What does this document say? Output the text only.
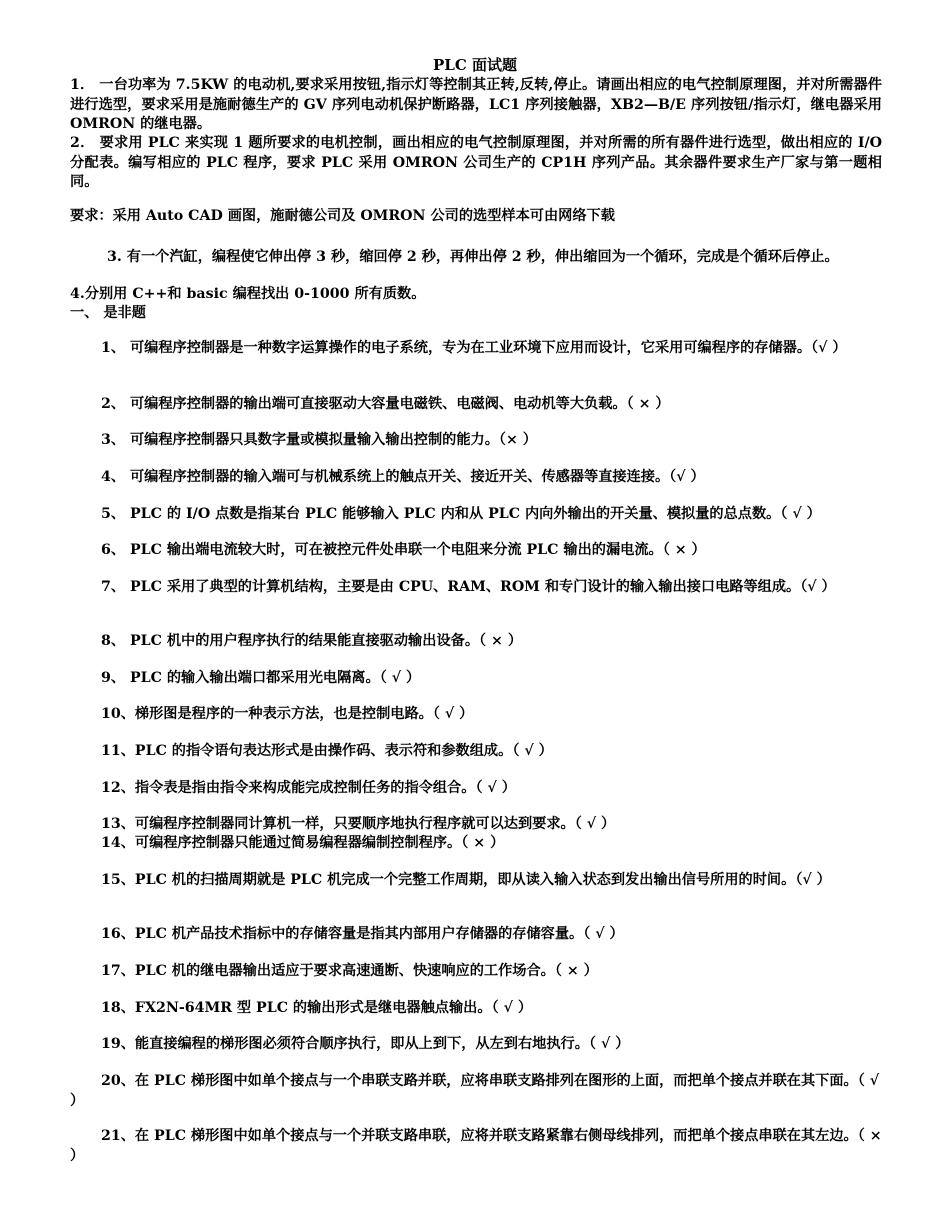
PLC 面试题
1． 一台功率为 7.5KW 的电动机,要求采用按钮,指示灯等控制其正转,反转,停止。请画出相应的电气控制原理图，并对所需器件进行选型，要求采用是施耐德生产的 GV 序列电动机保护断路器，LC1 序列接触器，XB2—B/E 序列按钮/指示灯，继电器采用 OMRON 的继电器。
2． 要求用 PLC 来实现 1 题所要求的电机控制，画出相应的电气控制原理图，并对所需的所有器件进行选型，做出相应的 I/O 分配表。编写相应的 PLC 程序，要求 PLC 采用 OMRON 公司生产的 CP1H 序列产品。其余器件要求生产厂家与第一题相同。
要求：采用 Auto CAD 画图，施耐德公司及 OMRON 公司的选型样本可由网络下载
3. 有一个汽缸，编程使它伸出停 3 秒，缩回停 2 秒，再伸出停 2 秒，伸出缩回为一个循环，完成是个循环后停止。
4.分别用 C++和 basic 编程找出 0-1000 所有质数。
一、 是非题
1、 可编程序控制器是一种数字运算操作的电子系统，专为在工业环境下应用而设计，它采用可编程序的存储器。（√ ）
2、 可编程序控制器的输出端可直接驱动大容量电磁铁、电磁阀、电动机等大负载。（ × ）
3、 可编程序控制器只具数字量或模拟量输入输出控制的能力。（× ）
4、 可编程序控制器的输入端可与机械系统上的触点开关、接近开关、传感器等直接连接。（√ ）
5、 PLC 的 I/O 点数是指某台 PLC 能够输入 PLC 内和从 PLC 内向外输出的开关量、模拟量的总点数。（ √ ）
6、 PLC 输出端电流较大时，可在被控元件处串联一个电阻来分流 PLC 输出的漏电流。（ × ）
7、 PLC 采用了典型的计算机结构，主要是由 CPU、RAM、ROM 和专门设计的输入输出接口电路等组成。（√ ）
8、 PLC 机中的用户程序执行的结果能直接驱动输出设备。（ × ）
9、 PLC 的输入输出端口都采用光电隔离。（ √ ）
10、梯形图是程序的一种表示方法，也是控制电路。（ √ ）
11、PLC 的指令语句表达形式是由操作码、表示符和参数组成。（ √ ）
12、指令表是指由指令来构成能完成控制任务的指令组合。（ √ ）
13、可编程序控制器同计算机一样，只要顺序地执行程序就可以达到要求。（ √ ）
14、可编程序控制器只能通过简易编程器编制控制程序。（ × ）
15、PLC 机的扫描周期就是 PLC 机完成一个完整工作周期，即从读入输入状态到发出输出信号所用的时间。（√ ）
16、PLC 机产品技术指标中的存储容量是指其内部用户存储器的存储容量。（ √ ）
17、PLC 机的继电器输出适应于要求高速通断、快速响应的工作场合。（ × ）
18、FX2N-64MR 型 PLC 的输出形式是继电器触点输出。（ √ ）
19、能直接编程的梯形图必须符合顺序执行，即从上到下，从左到右地执行。（ √ ）
20、在 PLC 梯形图中如单个接点与一个串联支路并联，应将串联支路排列在图形的上面，而把单个接点并联在其下面。（ √ ）
21、在 PLC 梯形图中如单个接点与一个并联支路串联，应将并联支路紧靠右侧母线排列，而把单个接点串联在其左边。（ × ）
